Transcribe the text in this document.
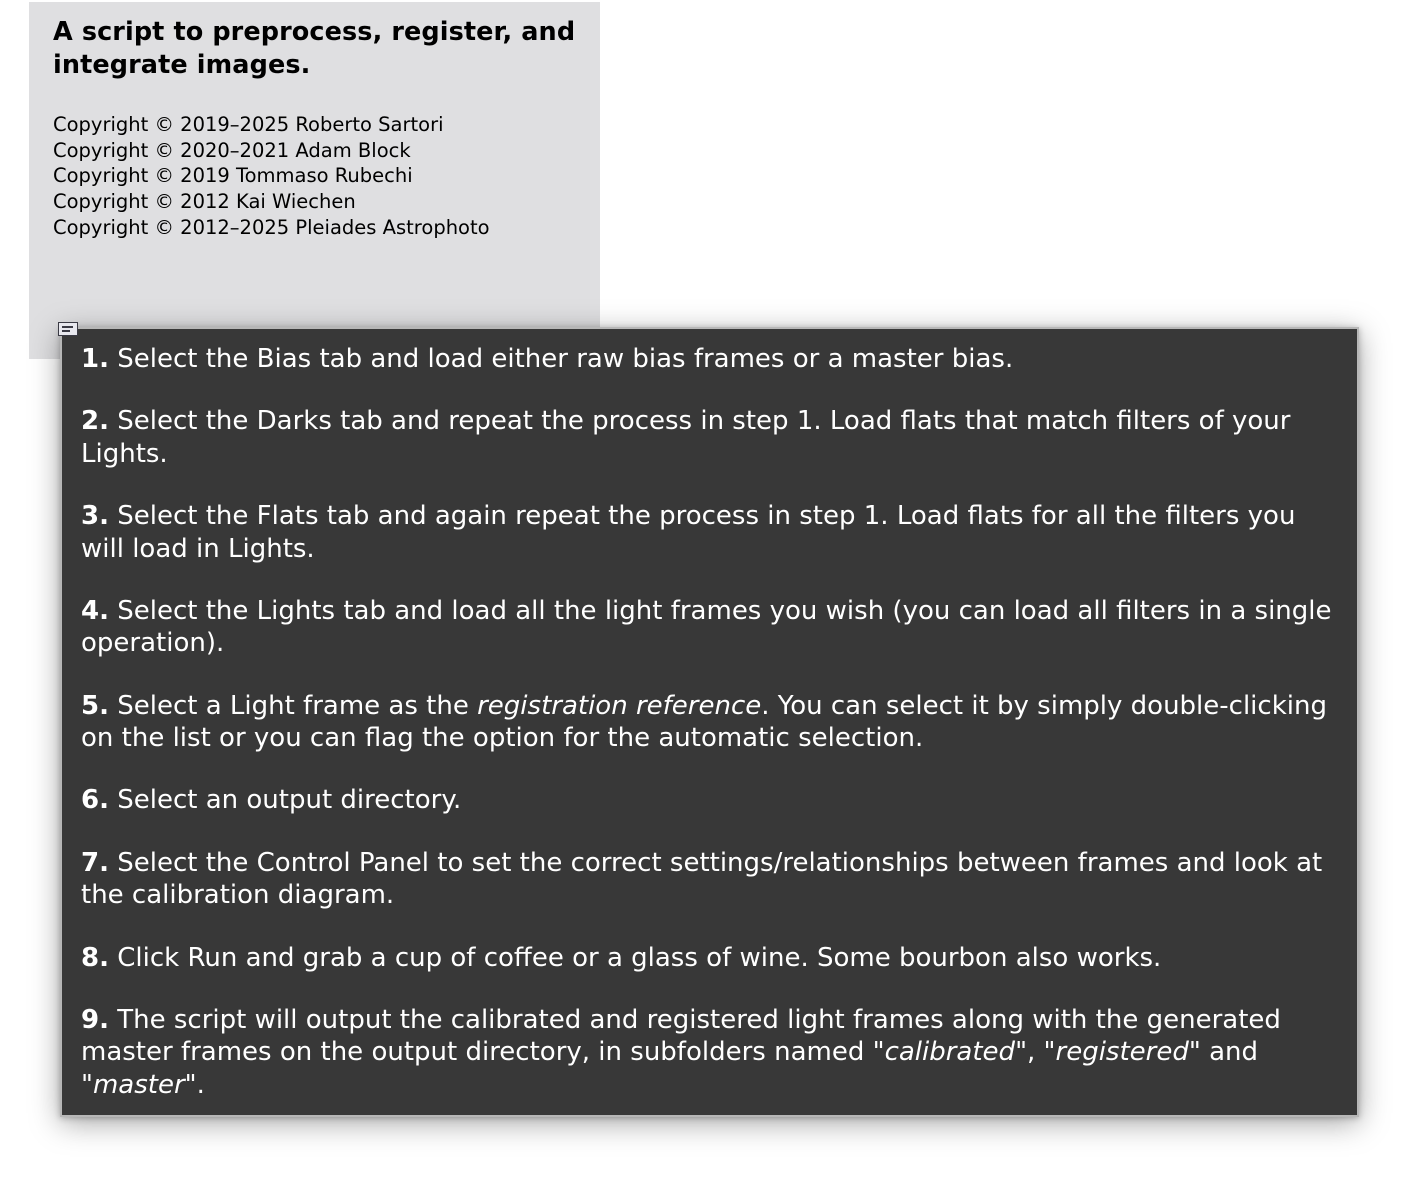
A script to preprocess, register, and integrate images.
Copyright © 2019–2025 Roberto Sartori
Copyright © 2020–2021 Adam Block
Copyright © 2019 Tommaso Rubechi
Copyright © 2012 Kai Wiechen
Copyright © 2012–2025 Pleiades Astrophoto
1. Select the Bias tab and load either raw bias frames or a master bias.
2. Select the Darks tab and repeat the process in step 1. Load flats that match filters of your Lights.
3. Select the Flats tab and again repeat the process in step 1. Load flats for all the filters you will load in Lights.
4. Select the Lights tab and load all the light frames you wish (you can load all filters in a single operation).
5. Select a Light frame as the registration reference. You can select it by simply double-clicking on the list or you can flag the option for the automatic selection.
6. Select an output directory.
7. Select the Control Panel to set the correct settings/relationships between frames and look at the calibration diagram.
8. Click Run and grab a cup of coffee or a glass of wine. Some bourbon also works.
9. The script will output the calibrated and registered light frames along with the generated master frames on the output directory, in subfolders named "calibrated", "registered" and "master".
